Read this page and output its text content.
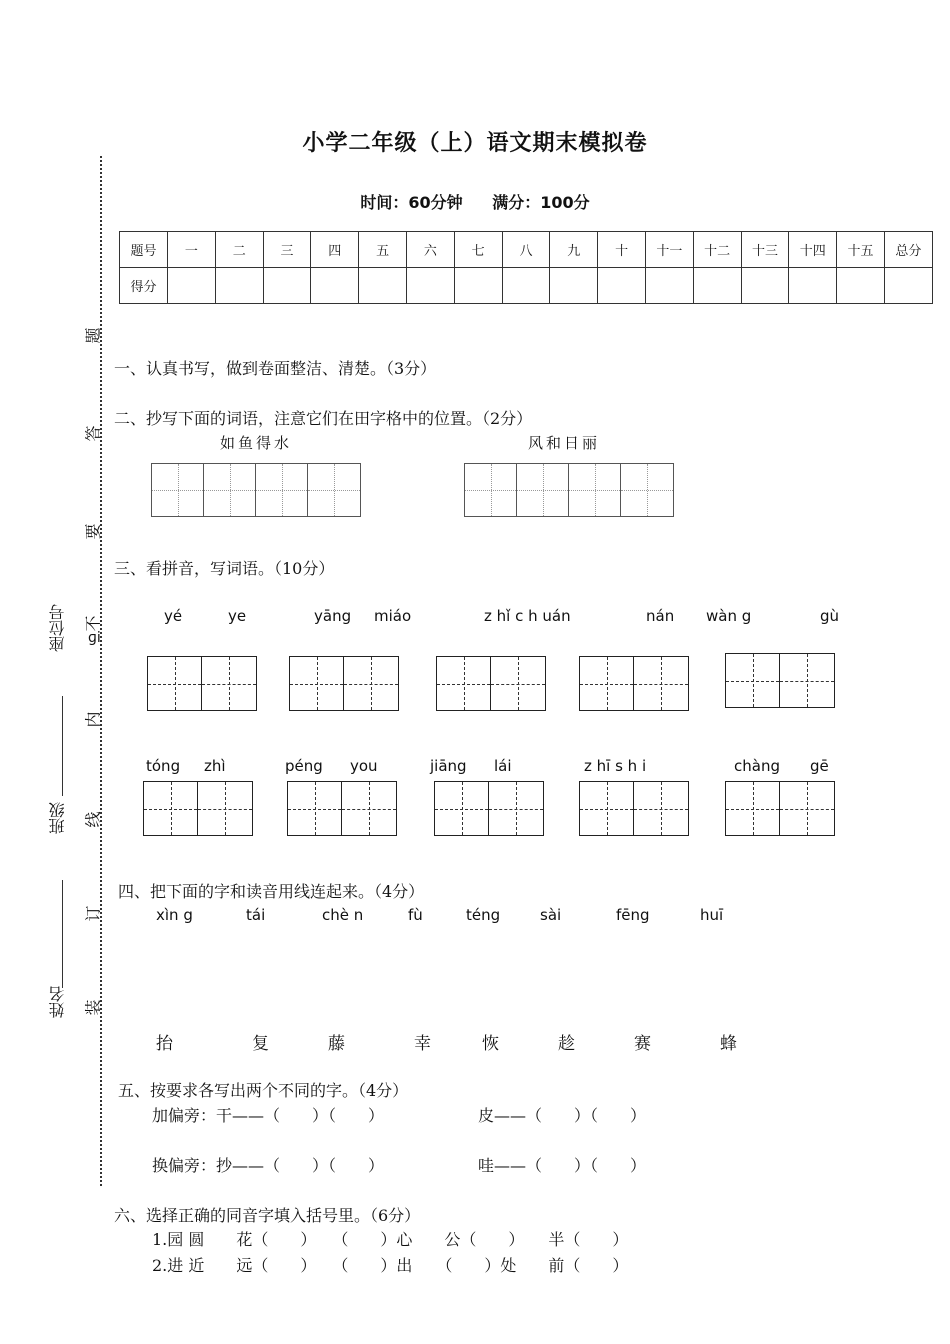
小学二年级（上）语文期末模拟卷
时间：60分钟 满分：100分
题号	一	二	三	四	五	六	七	八	九	十	十一	十二	十三	十四	十五	总分
得分																
题
答
要
不
ɡi
内
线
订
装
座位号
班级
姓名
一、认真书写，做到卷面整洁、清楚。（3分）
二、抄写下面的词语，注意它们在田字格中的位置。（2分）
如鱼得水	风和日丽
三、看拼音，写词语。（10分）
yé	ye	yāng miáo	z hǐ c h uán	nán wàn g	gù
tóng zhì	péng you	jiāng lái	z hī s h i	chàng gē
四、把下面的字和读音用线连起来。（4分）
xìn g	tái	chè n	fù	téng	sài	fēng	huī
抬	复	藤	幸	恢	趁	赛	蜂
五、按要求各写出两个不同的字。（4分）
加偏旁：干——（　　）（　　）	皮——（　　）（　　）
换偏旁：抄——（　　）（　　）	哇——（　　）（　　）
六、选择正确的同音字填入括号里。（6分）
1.园 圆　　花（　　）　　（　　）心　　公（　　）　　半（　　）
2.进 近　　远（　　）　　（　　）出　　（　　）处　　前（　　）
